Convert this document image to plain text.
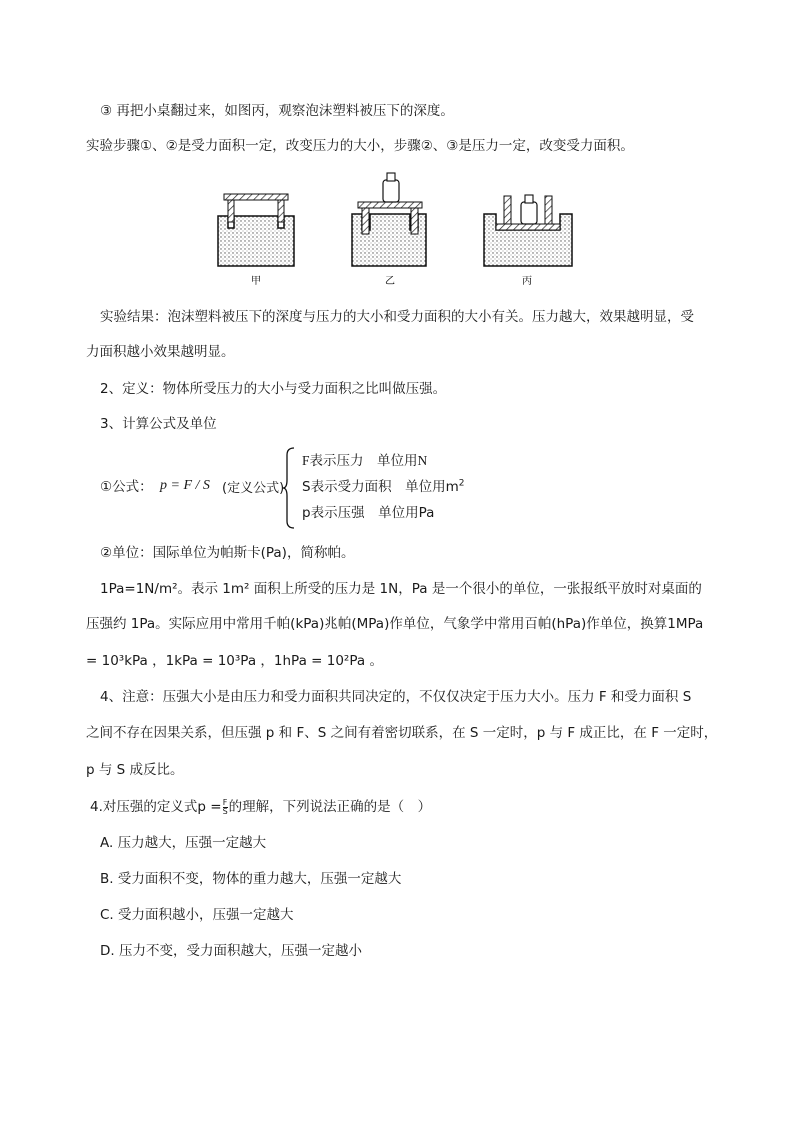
③ 再把小桌翻过来，如图丙，观察泡沫塑料被压下的深度。
实验步骤①、②是受力面积一定，改变压力的大小，步骤②、③是压力一定，改变受力面积。
甲	乙	丙
实验结果：泡沫塑料被压下的深度与压力的大小和受力面积的大小有关。压力越大，效果越明显，受
力面积越小效果越明显。
2、定义：物体所受压力的大小与受力面积之比叫做压强。
3、计算公式及单位
①公式： p = F / S (定义公式)
F表示压力　单位用N
S表示受力面积　单位用$m^2$
p表示压强　单位用Pa
②单位：国际单位为帕斯卡(Pa)，简称帕。
1Pa=1N/m²。表示 1m² 面积上所受的压力是 1N，Pa 是一个很小的单位，一张报纸平放时对桌面的
压强约 1Pa。实际应用中常用千帕(kPa)兆帕(MPa)作单位，气象学中常用百帕(hPa)作单位，换算1MPa
= 10³kPa ，1kPa = 10³Pa ，1hPa = 10²Pa 。
4、注意：压强大小是由压力和受力面积共同决定的，不仅仅决定于压力大小。压力 F 和受力面积 S
之间不存在因果关系，但压强 p 和 F、S 之间有着密切联系，在 S 一定时，p 与 F 成正比，在 F 一定时，
p 与 S 成反比。
4.对压强的定义式$p = \frac{F}{S}$ 的理解，下列说法正确的是（　）
A. 压力越大，压强一定越大
B. 受力面积不变，物体的重力越大，压强一定越大
C. 受力面积越小，压强一定越大
D. 压力不变，受力面积越大，压强一定越小
